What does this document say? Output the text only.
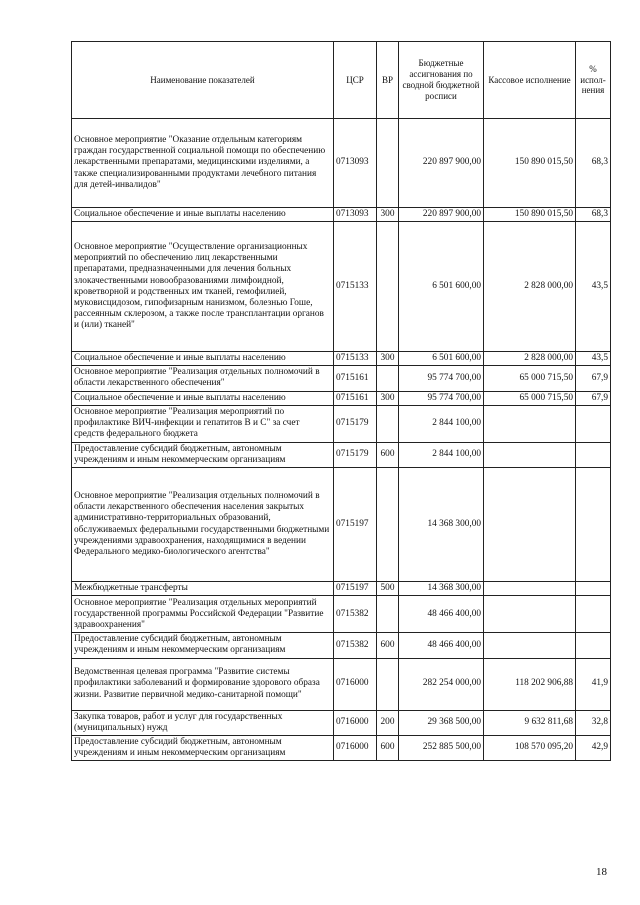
Наименование показателей	ЦСР	ВР	Бюджетные ассигнования по сводной бюджетной росписи	Кассовое исполнение	% испол-нения
Основное мероприятие "Оказание отдельным категориям граждан государственной социальной помощи по обеспечению лекарственными препаратами, медицинскими изделиями, а также специализированными продуктами лечебного питания для детей-инвалидов"	0713093		220 897 900,00	150 890 015,50	68,3
Социальное обеспечение и иные выплаты населению	0713093	300	220 897 900,00	150 890 015,50	68,3
Основное мероприятие "Осуществление организационных мероприятий по обеспечению лиц лекарственными препаратами, предназначенными для лечения больных злокачественными новообразованиями лимфоидной, кроветворной и родственных им тканей, гемофилией, муковисцидозом, гипофизарным нанизмом, болезнью Гоше, рассеянным склерозом, а также после трансплантации органов и (или) тканей"	0715133		6 501 600,00	2 828 000,00	43,5
Социальное обеспечение и иные выплаты населению	0715133	300	6 501 600,00	2 828 000,00	43,5
Основное мероприятие "Реализация отдельных полномочий в области лекарственного обеспечения"	0715161		95 774 700,00	65 000 715,50	67,9
Социальное обеспечение и иные выплаты населению	0715161	300	95 774 700,00	65 000 715,50	67,9
Основное мероприятие "Реализация мероприятий по профилактике ВИЧ-инфекции и гепатитов В и С" за счет средств федерального бюджета	0715179		2 844 100,00		
Предоставление субсидий бюджетным, автономным учреждениям и иным некоммерческим организациям	0715179	600	2 844 100,00		
Основное мероприятие "Реализация отдельных полномочий в области лекарственного обеспечения населения закрытых административно-территориальных образований, обслуживаемых федеральными государственными бюджетными учреждениями здравоохранения, находящимися в ведении Федерального медико-биологического агентства"	0715197		14 368 300,00		
Межбюджетные трансферты	0715197	500	14 368 300,00		
Основное мероприятие "Реализация отдельных мероприятий государственной программы Российской Федерации "Развитие здравоохранения"	0715382		48 466 400,00		
Предоставление субсидий бюджетным, автономным учреждениям и иным некоммерческим организациям	0715382	600	48 466 400,00		
Ведомственная целевая программа "Развитие системы профилактики заболеваний и формирование здорового образа жизни. Развитие первичной медико-санитарной помощи"	0716000		282 254 000,00	118 202 906,88	41,9
Закупка товаров, работ и услуг для государственных (муниципальных) нужд	0716000	200	29 368 500,00	9 632 811,68	32,8
Предоставление субсидий бюджетным, автономным учреждениям и иным некоммерческим организациям	0716000	600	252 885 500,00	108 570 095,20	42,9
18
